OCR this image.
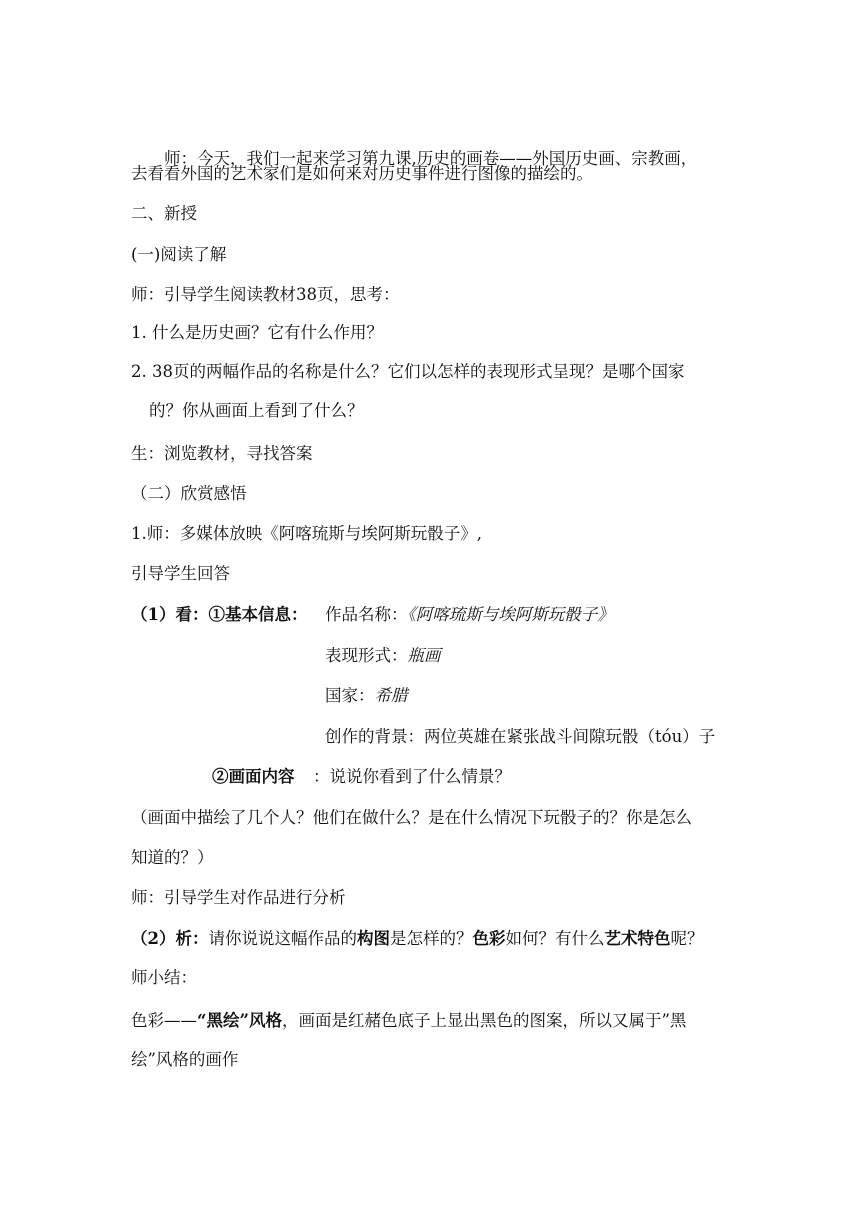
师：今天，我们一起来学习第九课,历史的画卷——外国历史画、宗教画，
去看看外国的艺术家们是如何来对历史事件进行图像的描绘的。
二、新授
(一)阅读了解
师：引导学生阅读教材38页，思考：
1. 什么是历史画？它有什么作用？
2. 38页的两幅作品的名称是什么？它们以怎样的表现形式呈现？是哪个国家
的？你从画面上看到了什么？
生：浏览教材，寻找答案
（二）欣赏感悟
1.师：多媒体放映《阿喀琉斯与埃阿斯玩骰子》,
引导学生回答
（1）看：①基本信息： 作品名称：《阿喀琉斯与埃阿斯玩骰子》
表现形式：瓶画
国家：希腊
创作的背景：两位英雄在紧张战斗间隙玩骰（tóu）子
②画面内容 ：说说你看到了什么情景？
（画面中描绘了几个人？他们在做什么？是在什么情况下玩骰子的？你是怎么
知道的？）
师：引导学生对作品进行分析
（2）析：请你说说这幅作品的构图是怎样的？色彩如何？有什么艺术特色呢？
师小结：
色彩——“黑绘”风格，画面是红赭色底子上显出黑色的图案，所以又属于”黑
绘”风格的画作
